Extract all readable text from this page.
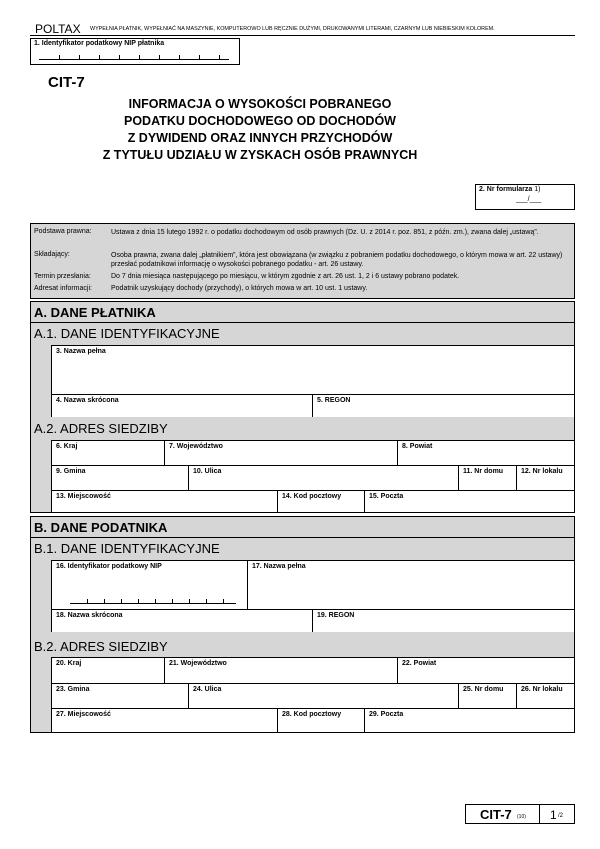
POLTAX WYPEŁNIA PŁATNIK, WYPEŁNIAĆ NA MASZYNIE, KOMPUTEROWO LUB RĘCZNIE DUŻYMI, DRUKOWANYMI LITERAMI, CZARNYM LUB NIEBIESKIM KOLOREM.
1. Identyfikator podatkowy NIP płatnika
CIT-7
INFORMACJA O WYSOKOŚCI POBRANEGO
PODATKU DOCHODOWEGO OD DOCHODÓW
Z DYWIDEND ORAZ INNYCH PRZYCHODÓW
Z TYTUŁU UDZIAŁU W ZYSKACH OSÓB PRAWNYCH
2. Nr formularza 1)
___/___
Podstawa prawna:	Ustawa z dnia 15 lutego 1992 r. o podatku dochodowym od osób prawnych (Dz. U. z 2014 r. poz. 851, z późn. zm.), zwana dalej „ustawą”.
Składający:	Osoba prawna, zwana dalej „płatnikiem”, która jest obowiązana (w związku z pobraniem podatku dochodowego, o którym mowa w art. 22 ustawy) przesłać podatnikowi informację o wysokości pobranego podatku - art. 26 ustawy.
Termin przesłania:	Do 7 dnia miesiąca następującego po miesiącu, w którym zgodnie z art. 26 ust. 1, 2 i 6 ustawy pobrano podatek.
Adresat informacji:	Podatnik uzyskujący dochody (przychody), o których mowa w art. 10 ust. 1 ustawy.
A. DANE PŁATNIKA
A.1. DANE IDENTYFIKACYJNE
3. Nazwa pełna
4. Nazwa skrócona	5. REGON
A.2. ADRES SIEDZIBY
6. Kraj	7. Województwo	8. Powiat
9. Gmina	10. Ulica	11. Nr domu	12. Nr lokalu
13. Miejscowość	14. Kod pocztowy	15. Poczta
B. DANE PODATNIKA
B.1. DANE IDENTYFIKACYJNE
16. Identyfikator podatkowy NIP	17. Nazwa pełna
18. Nazwa skrócona	19. REGON
B.2. ADRES SIEDZIBY
20. Kraj	21. Województwo	22. Powiat
23. Gmina	24. Ulica	25. Nr domu	26. Nr lokalu
27. Miejscowość	28. Kod pocztowy	29. Poczta
CIT-7 (10) 1 /2
